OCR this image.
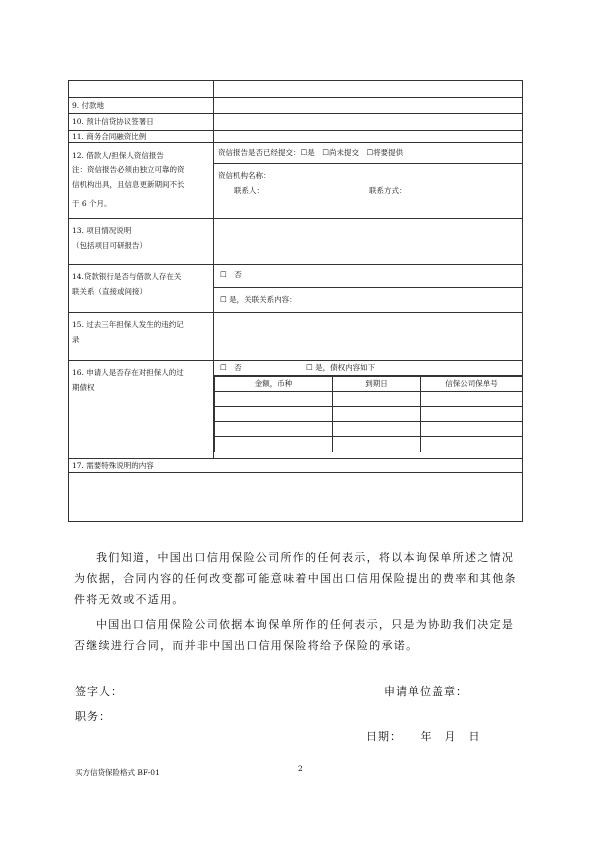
9. 付款地	
10. 预计信贷协议签署日	
11. 商务合同融资比例	

12. 借款人/担保人资信报告
注：资信报告必须由独立可靠的资
信机构出具，且信息更新期间不长
于 6 个月。

资信报告是否已经提交：☐是　☐尚未提交　☐将要提供
资信机构名称：
联系人：	联系方式：

13. 项目情况说明
（包括项目可研报告）

14.贷款银行是否与借款人存在关
联关系（直接或间接）

☐　否
☐ 是，关联关系内容：

15. 过去三年担保人发生的违约记
录

16. 申请人是否存在对担保人的过
期债权

☐　否	☐ 是，债权内容如下
金额，币种	到期日	信保公司保单号

17. 需要特殊说明的内容

我们知道，中国出口信用保险公司所作的任何表示，将以本询保单所述之情况为依据，合同内容的任何改变都可能意味着中国出口信用保险提出的费率和其他条件将无效或不适用。

中国出口信用保险公司依据本询保单所作的任何表示，只是为协助我们决定是否继续进行合同，而并非中国出口信用保险将给予保险的承诺。

签字人：
职务：
申请单位盖章：
日期：　　年　月　日
买方信贷保险格式 BF-01	2
